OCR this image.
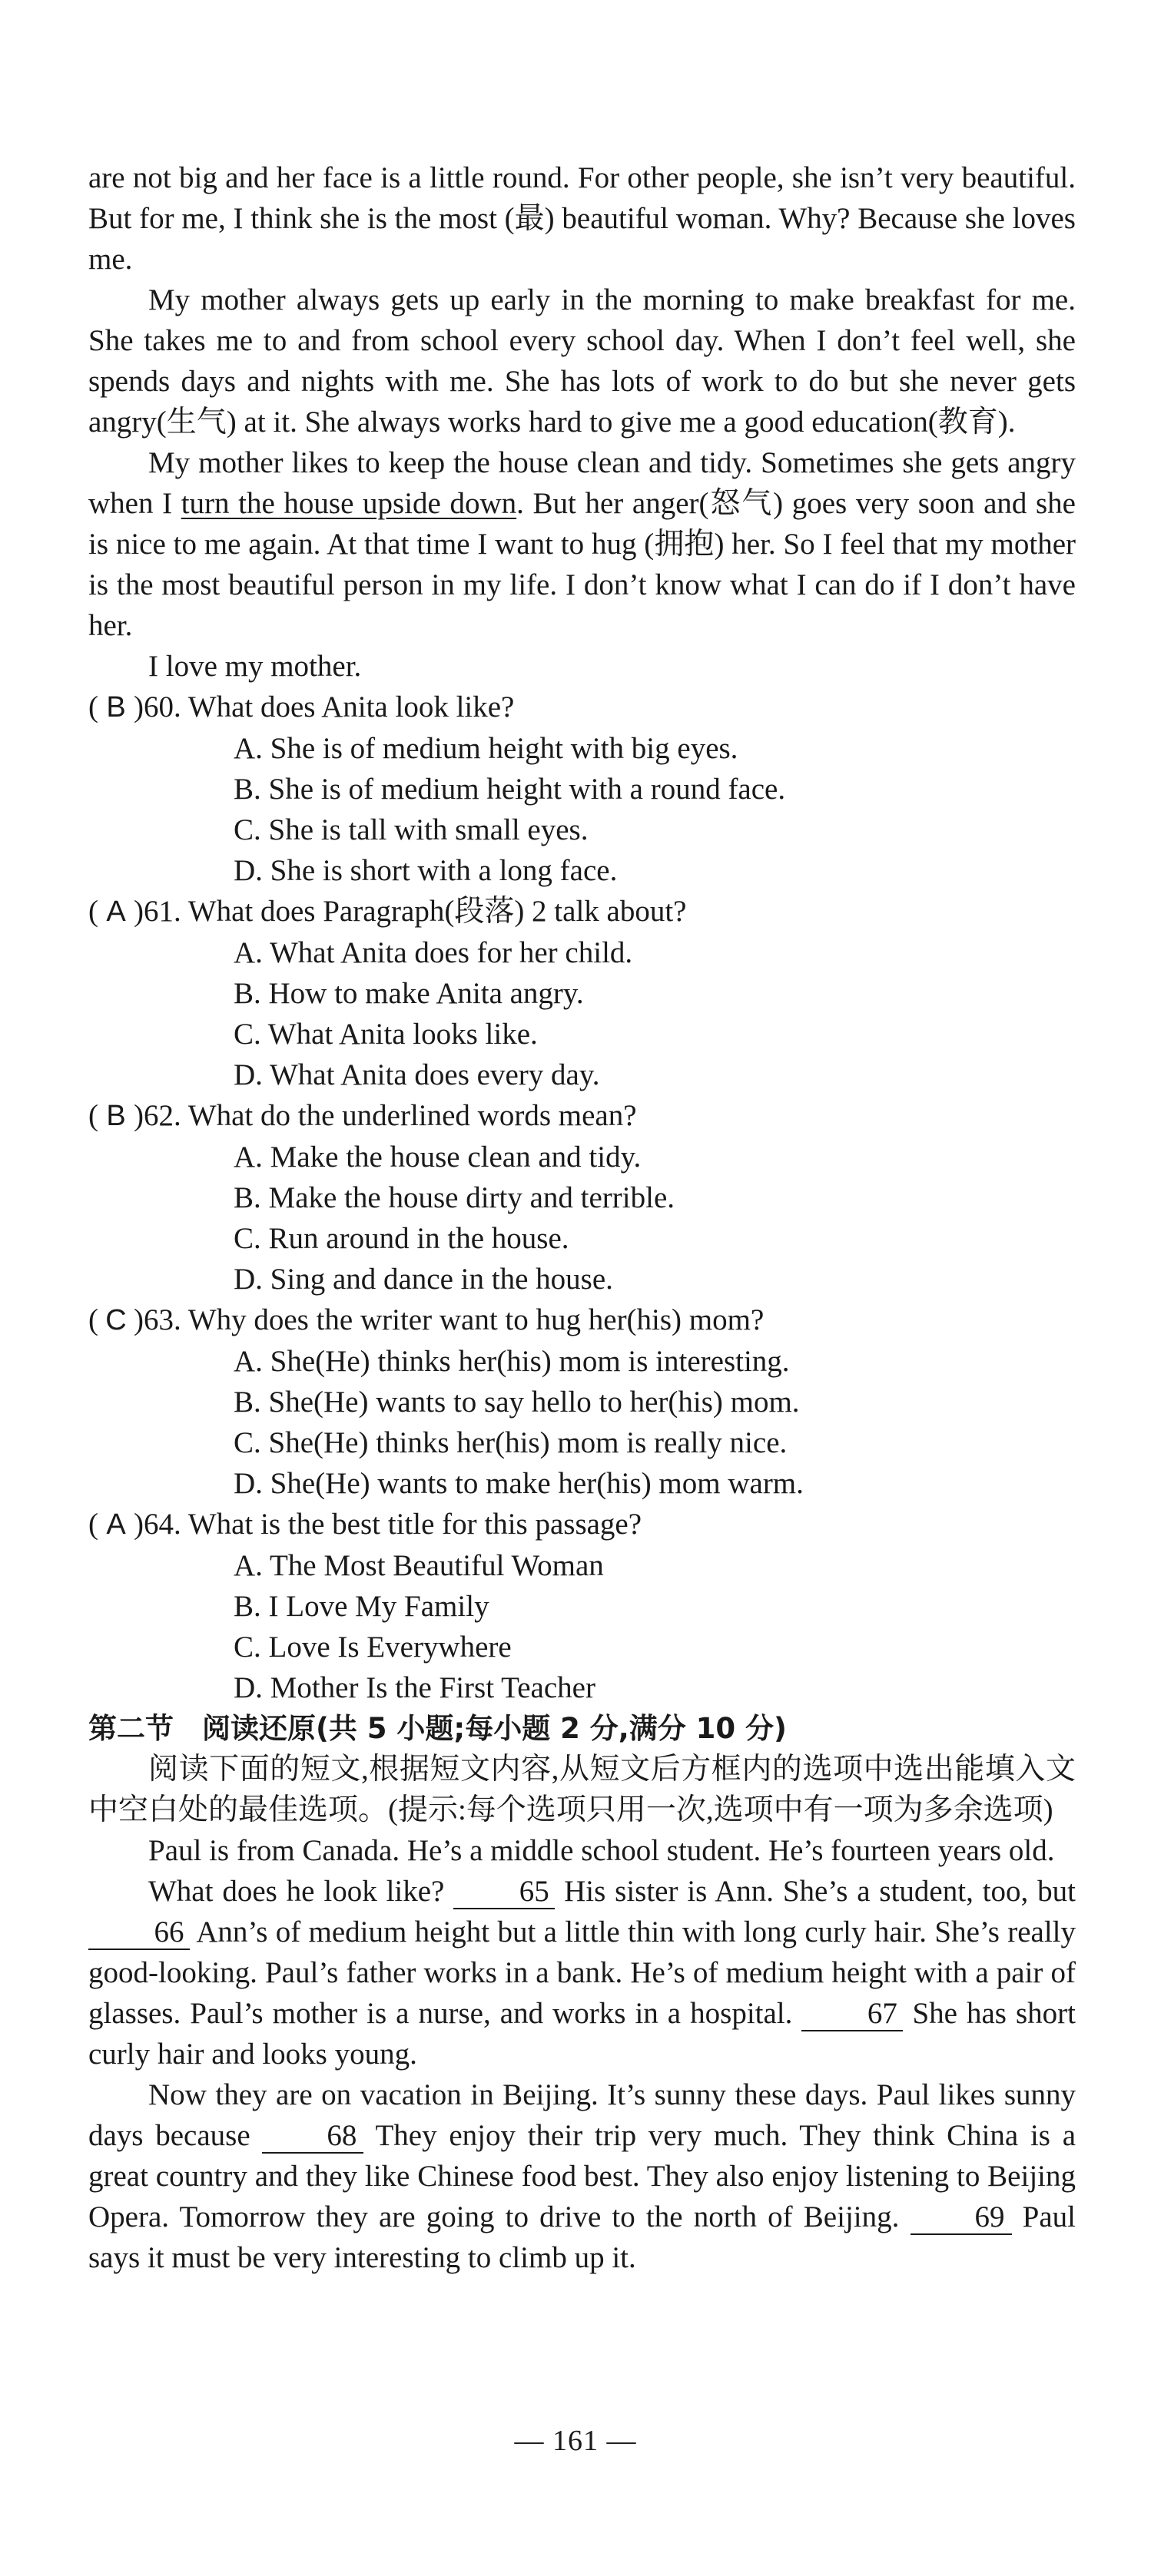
are not big and her face is a little round. For other people, she isn’t very beautiful. But for me, I think she is the most (最) beautiful woman. Why? Because she loves me.

My mother always gets up early in the morning to make breakfast for me. She takes me to and from school every school day. When I don’t feel well, she spends days and nights with me. She has lots of work to do but she never gets angry(生气) at it. She always works hard to give me a good education(教育).

My mother likes to keep the house clean and tidy. Sometimes she gets angry when I turn the house upside down. But her anger(怒气) goes very soon and she is nice to me again. At that time I want to hug (拥抱) her. So I feel that my mother is the most beautiful person in my life. I don’t know what I can do if I don’t have her.

I love my mother.

( B )60. What does Anita look like?
A. She is of medium height with big eyes.
B. She is of medium height with a round face.
C. She is tall with small eyes.
D. She is short with a long face.
( A )61. What does Paragraph(段落) 2 talk about?
A. What Anita does for her child.
B. How to make Anita angry.
C. What Anita looks like.
D. What Anita does every day.
( B )62. What do the underlined words mean?
A. Make the house clean and tidy.
B. Make the house dirty and terrible.
C. Run around in the house.
D. Sing and dance in the house.
( C )63. Why does the writer want to hug her(his) mom?
A. She(He) thinks her(his) mom is interesting.
B. She(He) wants to say hello to her(his) mom.
C. She(He) thinks her(his) mom is really nice.
D. She(He) wants to make her(his) mom warm.
( A )64. What is the best title for this passage?
A. The Most Beautiful Woman
B. I Love My Family
C. Love Is Everywhere
D. Mother Is the First Teacher
第二节　阅读还原(共 5 小题;每小题 2 分,满分 10 分)

阅读下面的短文,根据短文内容,从短文后方框内的选项中选出能填入文中空白处的最佳选项。(提示:每个选项只用一次,选项中有一项为多余选项)

Paul is from Canada. He’s a middle school student. He’s fourteen years old.

What does he look like? 65 His sister is Ann. She’s a student, too, but 66 Ann’s of medium height but a little thin with long curly hair. She’s really good-looking. Paul’s father works in a bank. He’s of medium height with a pair of glasses. Paul’s mother is a nurse, and works in a hospital.	67 She has short curly hair and looks young.

Now they are on vacation in Beijing. It’s sunny these days. Paul likes sunny days because	68 They enjoy their trip very much. They think China is a great country and they like Chinese food best. They also enjoy listening to Beijing Opera. Tomorrow they are going to drive to the north of Beijing.	69 Paul says it must be very interesting to climb up it.

— 161 —
